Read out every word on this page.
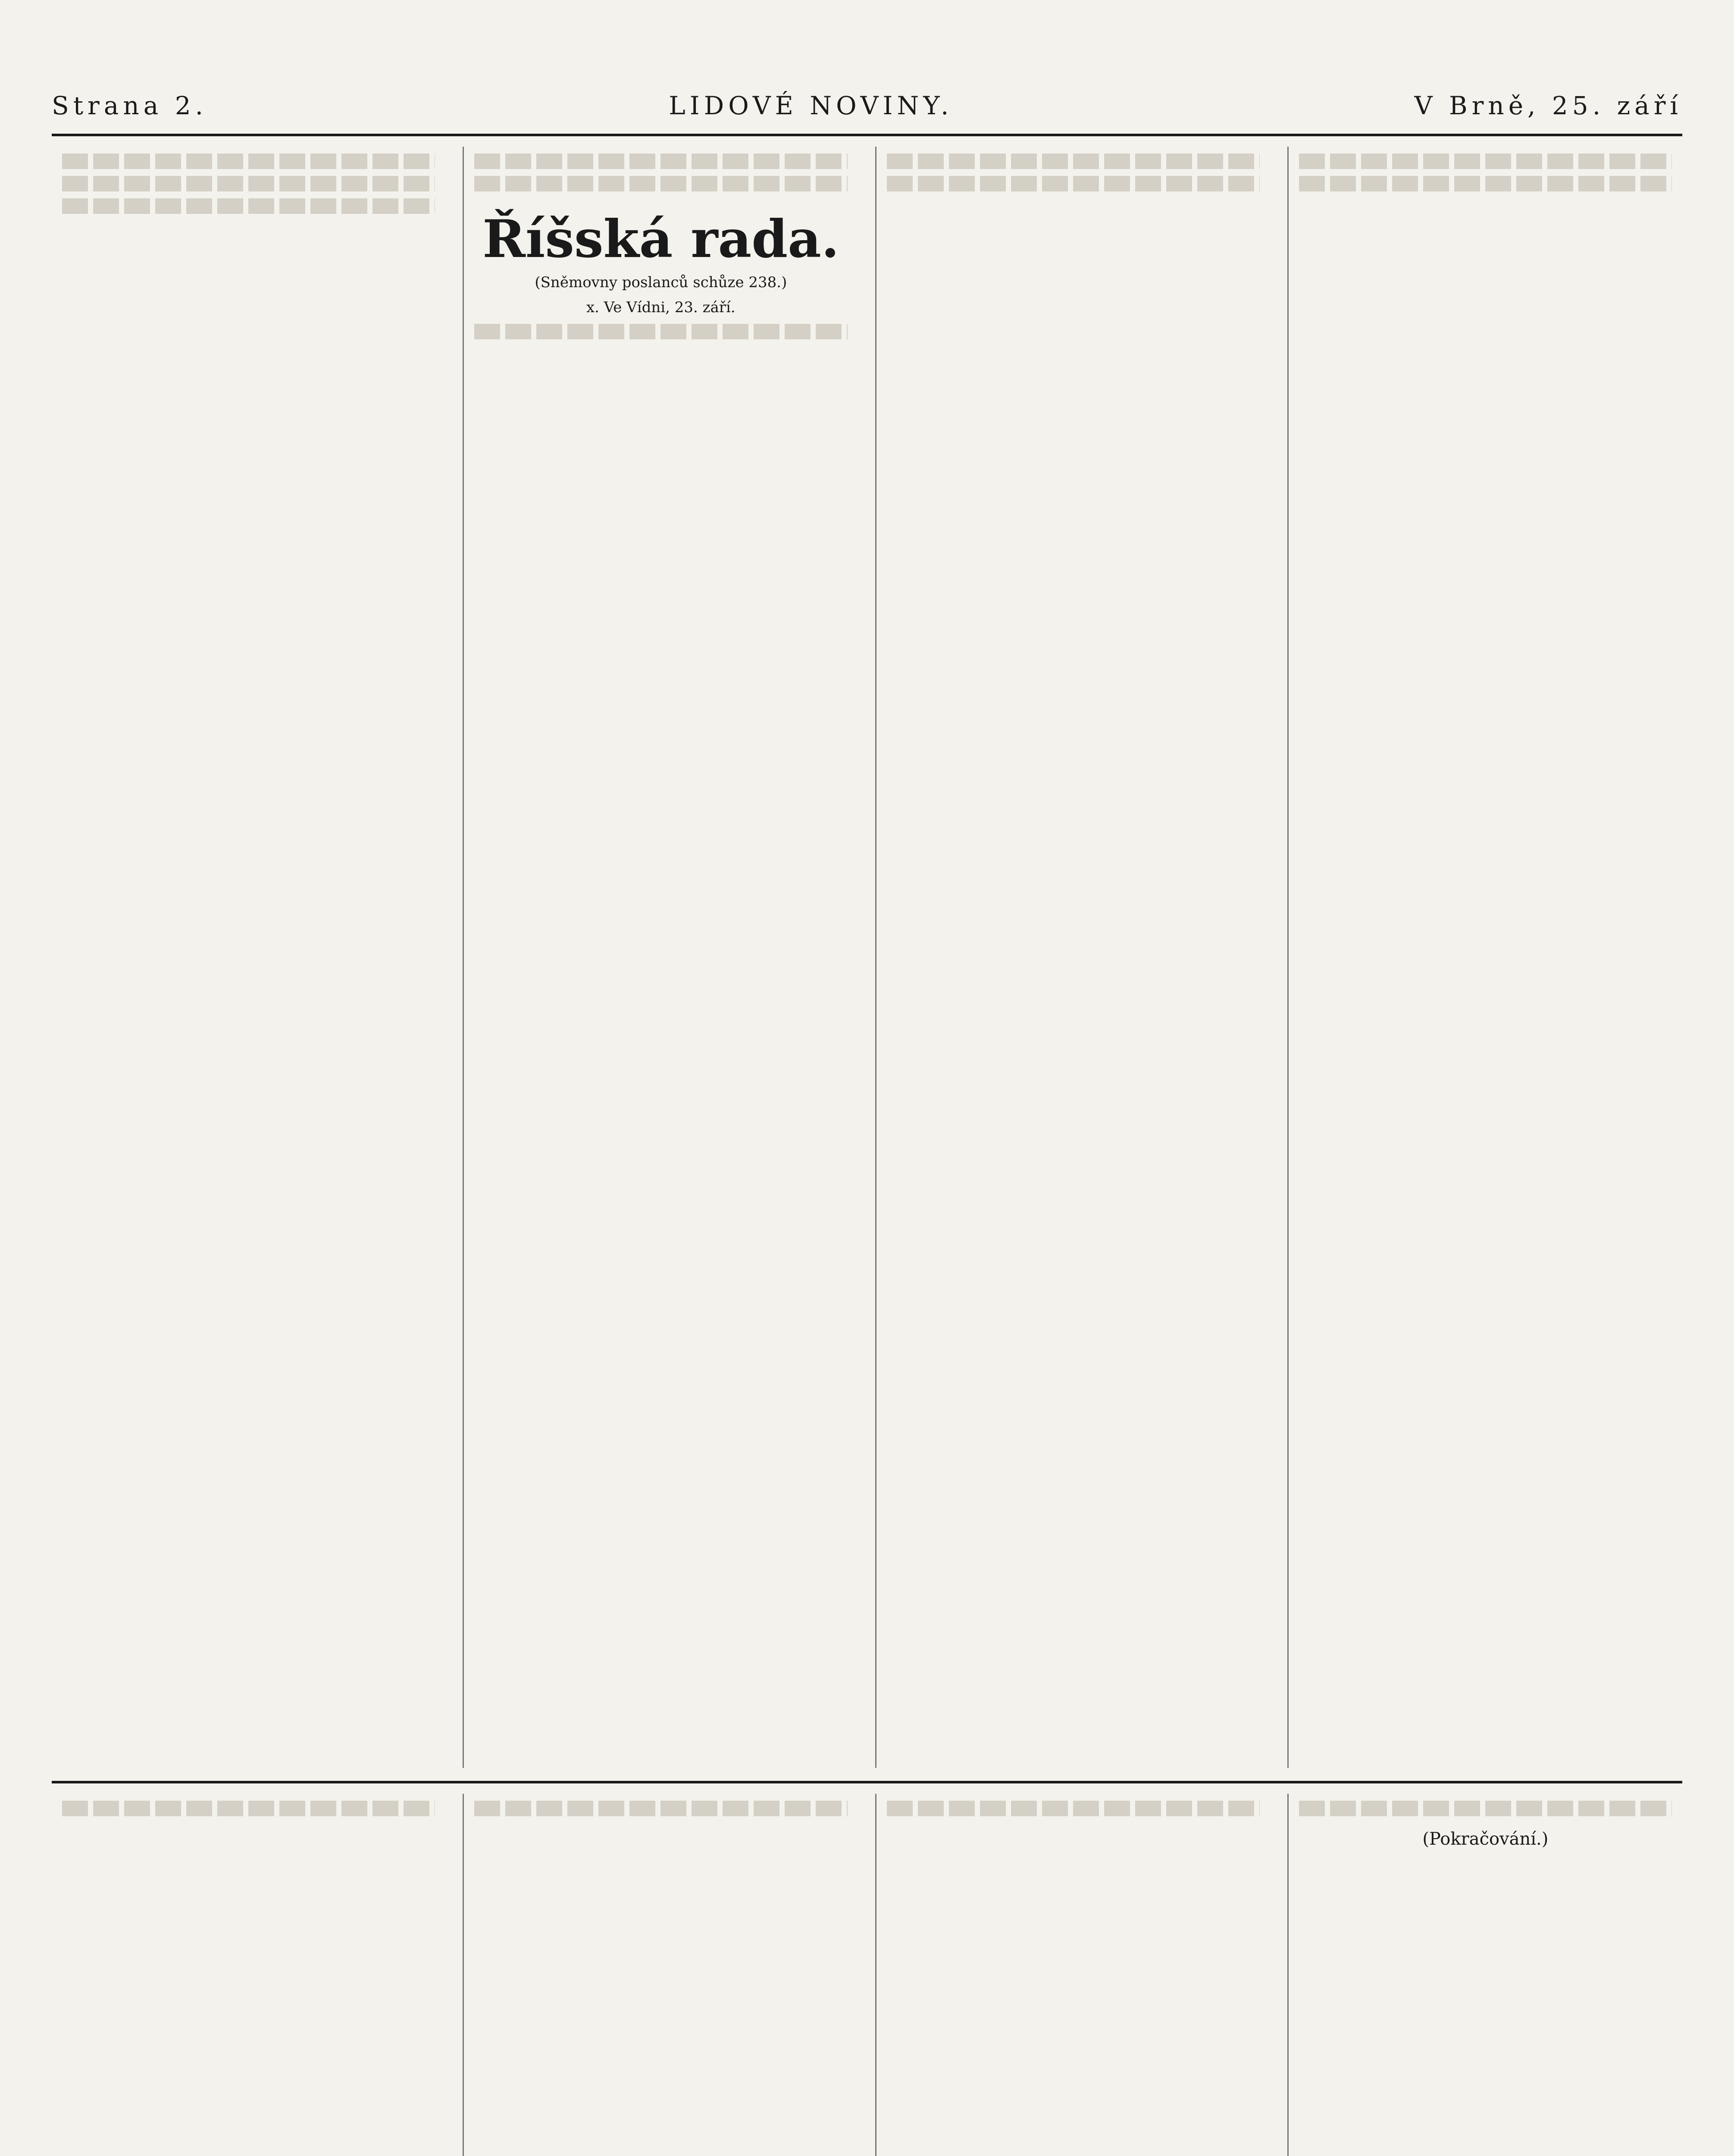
Strana 2.	LIDOVÉ NOVINY.	V Brně, 25. září
Říšská rada.
(Sněmovny poslanců schůze 238.)
x. Ve Vídni, 23. září.
(Pokračování.)
